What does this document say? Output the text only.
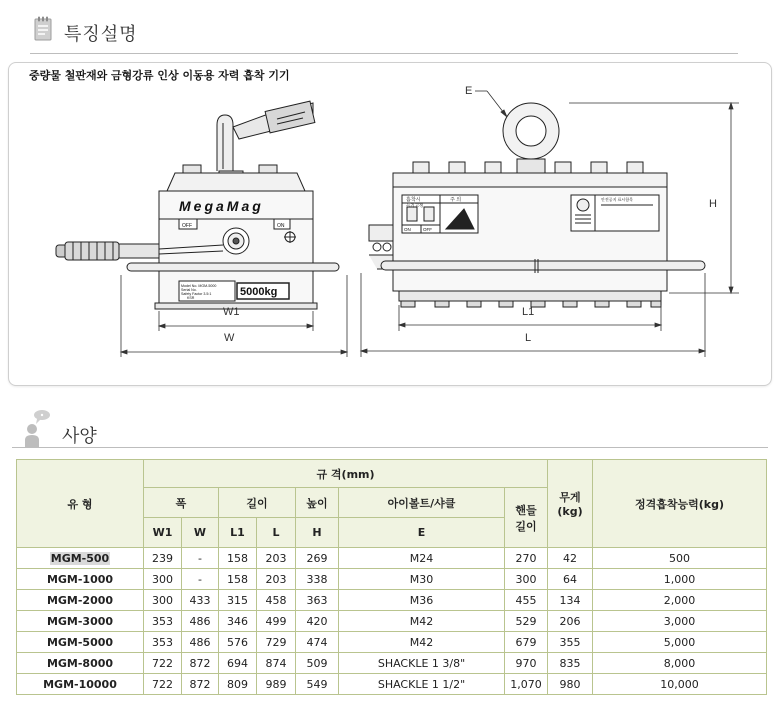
특징설명
중량물 철판재와 금형강류 인상 이동용 자력 흡착 기기
MegaMag
OFF	ON
5000kg
Model No. MGM-5000
Serial No.
Safety Factor 3.5:1
KSR
W1
W
흡착시
들기고정
주 의
ON	OFF
안전공지 표시함목
E
H
L1
L
사양
유 형	규 격(mm)							무게
(kg)	정격흡착능력(kg)
	폭		길이		높이	아이볼트/샤클	핸들
길이		
	W1	W	L1	L	H	E			
MGM-500	239	-	158	203	269	M24	270	42	500
MGM-1000	300	-	158	203	338	M30	300	64	1,000
MGM-2000	300	433	315	458	363	M36	455	134	2,000
MGM-3000	353	486	346	499	420	M42	529	206	3,000
MGM-5000	353	486	576	729	474	M42	679	355	5,000
MGM-8000	722	872	694	874	509	SHACKLE 1 3/8"	970	835	8,000
MGM-10000	722	872	809	989	549	SHACKLE 1 1/2"	1,070	980	10,000
